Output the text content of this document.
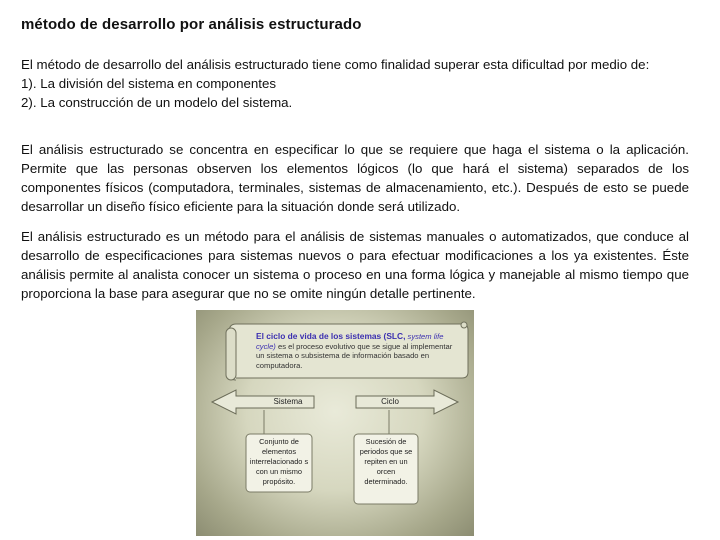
método de desarrollo por análisis estructurado

El método de desarrollo del análisis estructurado tiene como finalidad superar esta dificultad por medio de:
1). La división del sistema en componentes
2). La construcción de un modelo del sistema.

El análisis estructurado se concentra en especificar lo que se requiere que haga el sistema o la aplicación. Permite que las personas observen los elementos lógicos (lo que hará el sistema) separados de los componentes físicos (computadora, terminales, sistemas de almacenamiento, etc.). Después de esto se puede desarrollar un diseño físico eficiente para la situación donde será utilizado.

El análisis estructurado es un método para el análisis de sistemas manuales o automatizados, que conduce al desarrollo de especificaciones para sistemas nuevos o para efectuar modificaciones a los ya existentes. Éste análisis permite al analista conocer un sistema o proceso en una forma lógica y manejable al mismo tiempo que proporciona la base para asegurar que no se omite ningún detalle pertinente.

El ciclo de vida de los sistemas (SLC, system life cycle) es el proceso evolutivo que se sigue al implementar un sistema o subsistema de información basado en computadora.
Sistema	Ciclo
Conjunto de elementos interrelacionado s con un mismo propósito.
Sucesión de periodos que se repiten en un orcen determinado.
